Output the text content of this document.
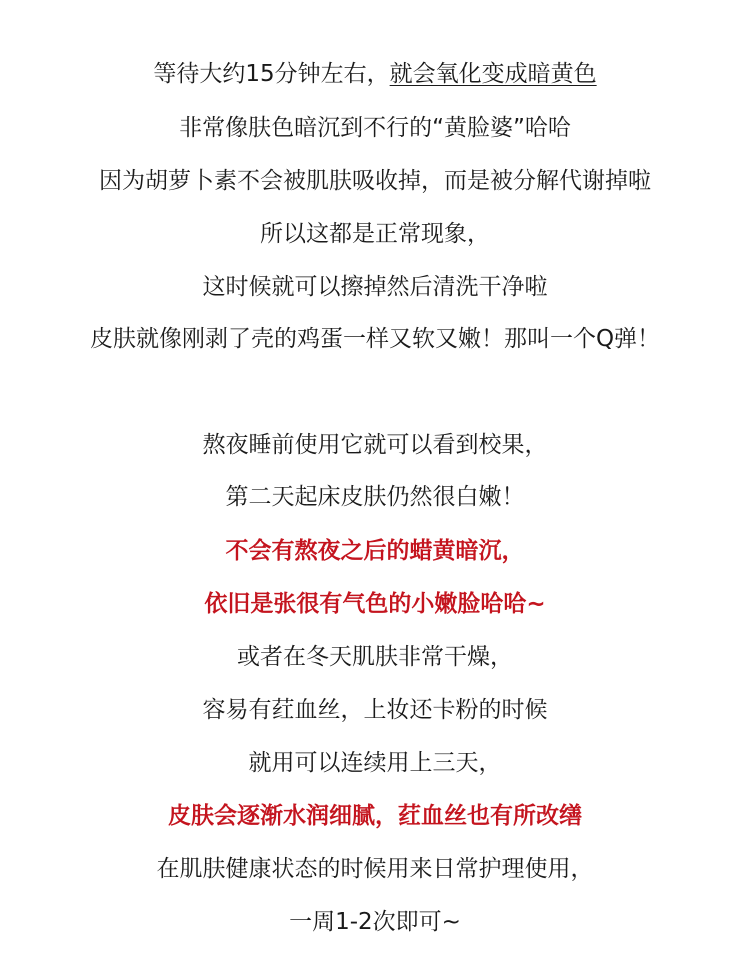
等待大约15分钟左右，就会氧化变成暗黄色
非常像肤色暗沉到不行的“黄脸婆”哈哈
因为胡萝卜素不会被肌肤吸收掉，而是被分解代谢掉啦
所以这都是正常现象，
这时候就可以擦掉然后清洗干净啦
皮肤就像刚剥了壳的鸡蛋一样又软又嫩！那叫一个Q弹！
熬夜睡前使用它就可以看到校果，
第二天起床皮肤仍然很白嫩！
不会有熬夜之后的蜡黄暗沉，
依旧是张很有气色的小嫩脸哈哈~
或者在冬天肌肤非常干燥，
容易有荭血丝，上妆还卡粉的时候
就用可以连续用上三天，
皮肤会逐渐水润细腻，荭血丝也有所改缮
在肌肤健康状态的时候用来日常护理使用，
一周1-2次即可~
